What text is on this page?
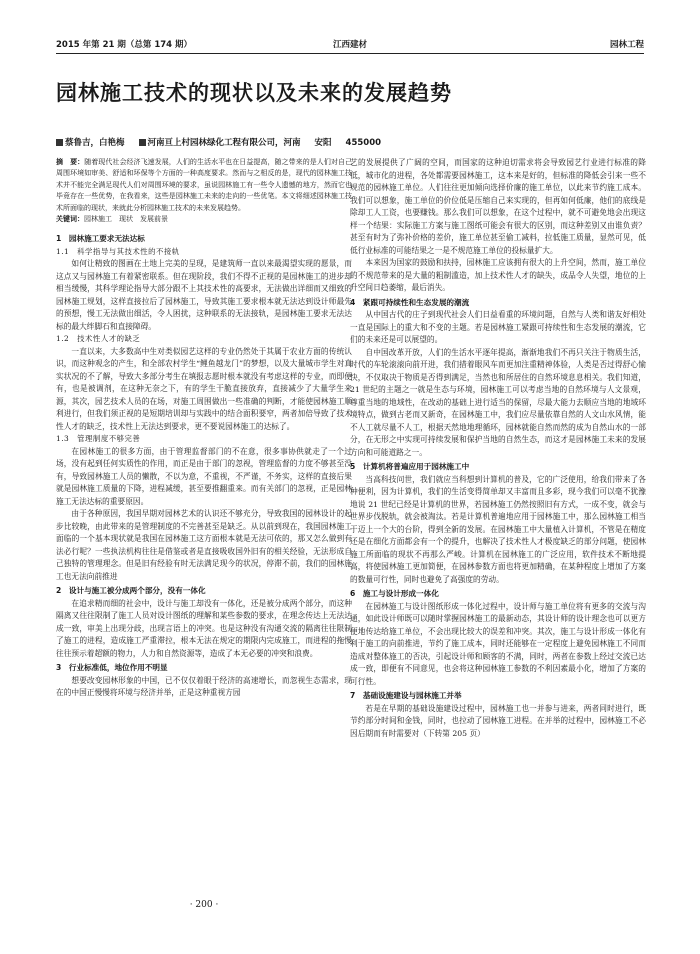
2015 年第 21 期（总第 174 期）	江西建材	园林工程
园林施工技术的现状以及未来的发展趋势
蔡鲁吉，白艳梅	河南亘上村园林绿化工程有限公司，河南 安阳 455000

摘　要：随着现代社会经济飞速发展，人们的生活水平也在日益提高，随之带来的是人们对自己周围环境如审美、舒适和环保等个方面的一种高度要求。然而与之相反的是，现代的园林施工技术并不能完全满足现代人们对周围环境的要求，虽说园林施工有一些令人遗憾的地方，然而它也毕竟存在一些优势，在我看来，这些是园林施工未来的走向的一些优笔。本文将细述园林施工技术所面临的现状，来就此分析园林施工技术的未来发展趋势。

关键词：园林施工　现状　发展前景

1　园林施工要求无法达标
1.1　科学指导与其技术性的不接轨

如何让精致的图画在土地上完美的呈现，是建筑师一直以来最渴望实现的愿景，而这点又与园林施工有着紧密联系。但在现阶段，我们不得不正视的是园林施工的进步却相当缓慢，其科学理论指导大部分跟不上其技术性的高要求，无法做出详细而又细致的园林施工规划，这样直接拉后了园林施工，导致其施工要求根本就无法达到设计师最先的预想，慢工无法做出细活，令人困扰，这种联系的无法接轨，是园林施工要求无法达标的最大绊脚石和直接障碍。

1.2　技术性人才的缺乏

一直以来，大多数高中生对类似园艺这样的专业仍然处于其属于农业方面的传统认识，而这种观念的产生，和全部农村学生“鲤鱼越龙门”的梦想，以及大量城市学生对真实状况的不了解，导致大多部分考生在填报志愿时根本就没有考虑这样的专业，而即便有，也是被调剂，在这种无奈之下，有的学生干脆直接放弃，直接减少了大量学生来源，其次，园艺技术人员的在场，对施工周围做出一些准确的判断，才能使园林施工顺利进行，但我们须正视的是短期培训却与实践中的结合面积要窄，两者加倍导致了技术性人才的缺乏，技术性上无法达到要求，更不要说园林施工的达标了。

1.3　管理制度不够完善

在园林施工的很多方面，由于管理监督部门的不在意，很多事协供就走了一个过场，没有起到任何实质性的作用，而正是由于部门的忽视，管理监督的力度不够甚至没有，导致园林施工人员的懒散，不以为意，不重视，不严谨，不务实，这样的直接后果就是园林施工质量的下降，进程减缓，甚至要推翻重来。而有关部门的忽视，正是园林施工无法达标的重要原因。

由于各种原因，我国早期对园林艺术的认识还不够充分，导致我国的园林设计的起步比较晚，由此带来的是管理制度的不完善甚至是缺乏。从以前到现在，我国园林施工面临的一个基本现状就是我国在园林施工这方面根本就是无法可依的，那又怎么做到有法必行呢？一些执法机构往往是借鉴或者是直接吸收国外旧有的相关经验，无法形成自己独特的管理理念。但是旧有经验有时无法满足现今的状况，停滞不前，我们的园林施工也无法向前推进

2　设计与施工被分成两个部分，没有一体化

在追求精而细的社会中，设计与施工却没有一体化，还是被分成两个部分，而这种隔离又往往限制了施工人员对设计图纸的理解和某些参数的要求，在理念传达上无法达成一致，审美上出现分歧，出现言语上的冲突。也是这种没有沟通交流的隔离往往限制了施工的进程，造成施工严重滞拉，根本无法在规定的期限内完成施工，而进程的拖慢往往预示着超额的物力，人力和自然资源等，造成了本无必要的冲突和浪费。

3　行业标准低，地位作用不明显

想要改变园林形象的中国，已不仅仅着眼于经济的高速增长，而忽视生态需求，现在的中国正慢慢将环境与经济并举，正是这种重视方园

艺的发展提供了广阔的空间，而国家的这种迫切需求将会导致园艺行业进行标准的降低，城市化的进程，各处都需要园林施工，这本来是好的，但标准的降低会引来一些不规范的园林施工单位。人们往往更加倾向选择价廉的施工单位，以此来节约施工成本。我们可以想象，施工单位的价位低是压缩自己来实现的，但再如何低廉，他们的底线是除却工人工资，也要赚钱。那么我们可以想象，在这个过程中，就不可避免地会出现这样一个结果：实际施工方案与施工图纸可能会有很大的区别，而这种差别又由谁负责？甚至有时为了弥补价格的差价，施工单位甚至偷工减料，拉低施工质量，显然可见，低低行业标准的可能结果之一是不规范施工单位的投标量扩大。

本来因为国家的鼓励和扶持，园林施工应该拥有很大的上升空间，然而，施工单位的不规范带来的是大量的粗制滥造，加上技术性人才的缺失，成品令人失望，地位的上升空间日趋萎缩，最后消失。

4　紧跟可持续性和生态发展的潮流

从中国古代的庄子到现代社会人们日益看重的环境问题，自然与人类和谐友好相处一直是国际上的重大和不变的主题。若是园林施工紧跟可持续性和生态发展的潮流，它们的未来还是可以展望的。

自中国改革开放，人们的生活水平逐年提高，渐渐地我们不再只关注于物质生活，时代的车轮滚滚向前开进，我们措着眼风车而更加注重精神体验，人类是否过得舒心愉快，不仅取决于物质是否得到满足，当然也和所居住的自然环境息息相关。我们知道，21 世纪的主题之一就是生态与环境，园林施工可以考虑当地的自然环境与人文景观，尊重当地的地域性，在改动的基础上进行适当的保留，尽最大能力去顺应当地的地域环境特点，做到古老而又新奇，在园林施工中，我们应尽量依靠自然的人文山水风情，能不人工就尽量不人工，根据天然地地理循环，园林就能自然而然的成为自然山水的一部分，在无形之中实现可持续发展和保护当地的自然生态，而这才是园林施工未来的发展方向和可能道路之一。

5　计算机将普遍应用于园林施工中

当高科技问世，我们就应当科想到计算机的普及，它的广泛使用，给我们带来了各种便利，因为计算机，我们的生活变得简单却又丰富而且多彩，现今我们可以毫不犹豫地说 21 世纪已经是计算机的世界，若园林施工仍然按照旧有方式，一成不变，就会与世界步伐脱轨，就会被淘汰。若是计算机普遍地应用于园林施工中，那么园林施工相当于迈上一个大的台阶，得到全新的发展。在园林施工中大量植入计算机，不管是在精度还是在细化方面都会有一个的提升，也解决了技术性人才极度缺乏的部分问题，使园林施工所面临的现状不再那么严峻。计算机在园林施工的广泛应用，软件技术不断地提高，将使园林施工更加简便，在园林参数方面也将更加精确，在某种程度上增加了方案的数量可行性，同时也避免了高强度的劳动。

6　施工与设计形成一体化

在园林施工与设计图纸形成一体化过程中，设计师与施工单位将有更多的交流与沟通，如此设计师既可以随时掌握园林施工的最新动态，其设计师的设计理念也可以更方便地传达给施工单位，不会出现比较大的误差和冲突。其次，施工与设计形成一体化有利于施工的向前推进，节约了施工成本，同时还能够在一定程度上避免园林施工不同而造成对整体施工的否决，引起设计师和顾客的不满，同时，两者在参数上经过交流已达成一致，即便有不同意见，也会将这种园林施工参数的不利因素最小化，增加了方案的可行性。

7　基础设施建设与园林施工并举

若是在早期的基础设施建设过程中，园林施工也一并参与进来，两者同时进行，既节约部分时间和金钱，同时，也拉动了园林施工进程。在并举的过程中，园林施工不必因后期而有时需要对（下转第 205 页）

· 200 ·
